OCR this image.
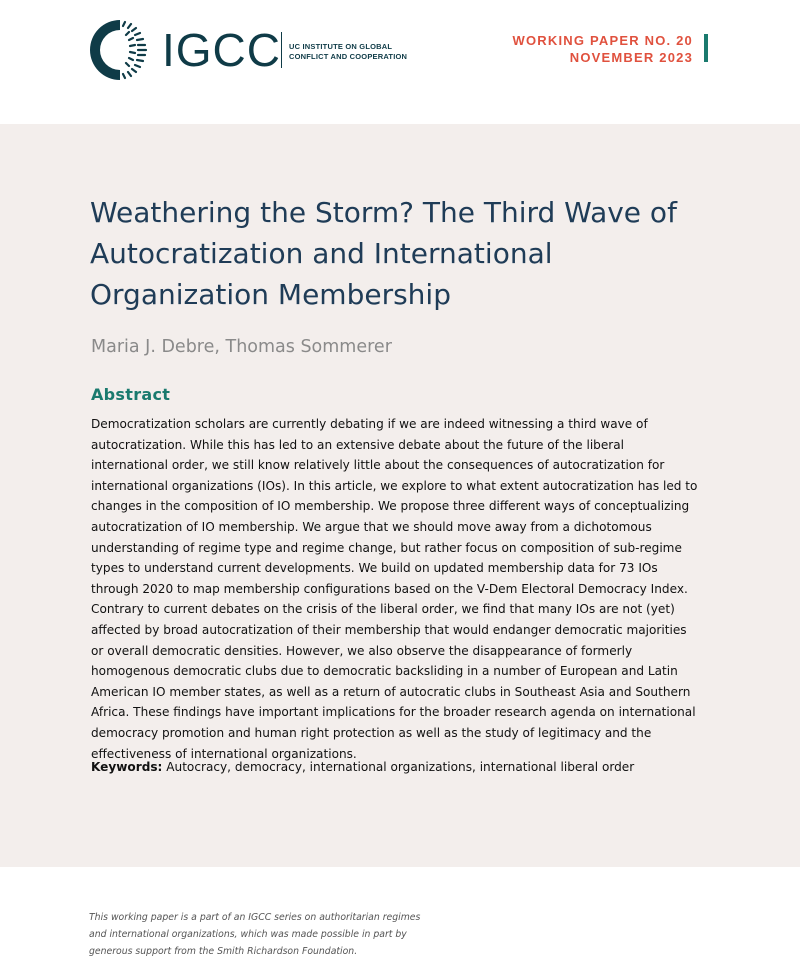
IGCC UC INSTITUTE ON GLOBAL
CONFLICT AND COOPERATION
WORKING PAPER NO. 20
NOVEMBER 2023
Weathering the Storm? The Third Wave of Autocratization and International Organization Membership
Maria J. Debre, Thomas Sommerer
Abstract
Democratization scholars are currently debating if we are indeed witnessing a third wave of autocratization. While this has led to an extensive debate about the future of the liberal international order, we still know relatively little about the consequences of autocratization for international organizations (IOs). In this article, we explore to what extent autocratization has led to changes in the composition of IO membership. We propose three different ways of conceptualizing autocratization of IO membership. We argue that we should move away from a dichotomous understanding of regime type and regime change, but rather focus on composition of sub-regime types to understand current developments. We build on updated membership data for 73 IOs through 2020 to map membership configurations based on the V-Dem Electoral Democracy Index. Contrary to current debates on the crisis of the liberal order, we find that many IOs are not (yet) affected by broad autocratization of their membership that would endanger democratic majorities or overall democratic densities. However, we also observe the disappearance of formerly homogenous democratic clubs due to democratic backsliding in a number of European and Latin American IO member states, as well as a return of autocratic clubs in Southeast Asia and Southern Africa. These findings have important implications for the broader research agenda on international democracy promotion and human right protection as well as the study of legitimacy and the effectiveness of international organizations.
Keywords: Autocracy, democracy, international organizations, international liberal order
This working paper is a part of an IGCC series on authoritarian regimes and international organizations, which was made possible in part by generous support from the Smith Richardson Foundation.
